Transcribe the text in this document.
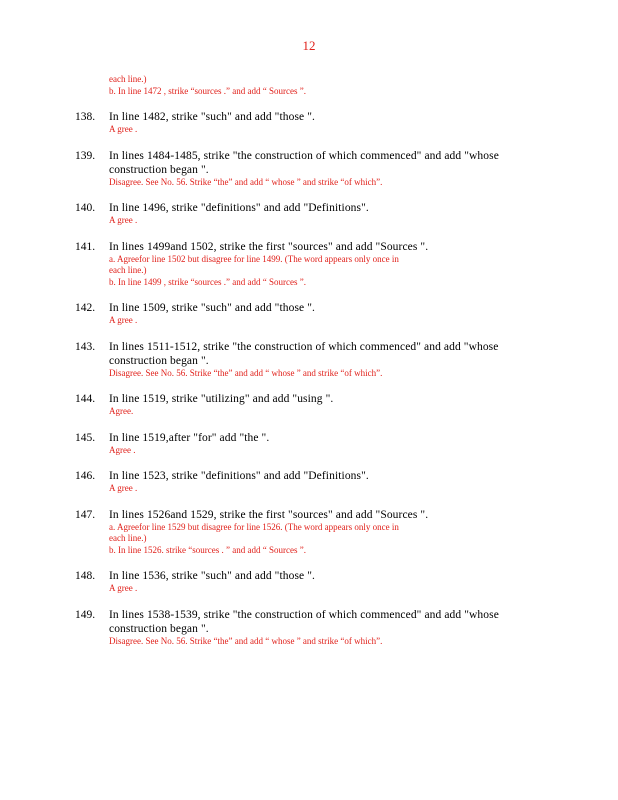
12
each line.)
b. In line 1472 , strike “sources .” and add “ Sources ”.
138. In line 1482, strike "such" and add "those ".
A gree .
139. In lines 1484-1485, strike "the construction of which commenced" and add "whose
construction began ".
Disagree. See No. 56. Strike “the” and add “ whose ” and strike “of which”.
140. In line 1496, strike "definitions" and add "Definitions".
A gree .
141. In lines 1499and 1502, strike the first "sources" and add "Sources ".
a. Agreefor line 1502 but disagree for line 1499. (The word appears only once in
each line.)
b. In line 1499 , strike “sources .” and add “ Sources ”.
142. In line 1509, strike "such" and add "those ".
A gree .
143. In lines 1511-1512, strike "the construction of which commenced" and add "whose
construction began ".
Disagree. See No. 56. Strike “the” and add “ whose ” and strike “of which”.
144. In line 1519, strike "utilizing" and add "using ".
Agree.
145. In line 1519,after "for" add "the ".
Agree .
146. In line 1523, strike "definitions" and add "Definitions".
A gree .
147. In lines 1526and 1529, strike the first "sources" and add "Sources ".
a. Agreefor line 1529 but disagree for line 1526. (The word appears only once in
each line.)
b. In line 1526. strike “sources . ” and add “ Sources ”.
148. In line 1536, strike "such" and add "those ".
A gree .
149. In lines 1538-1539, strike "the construction of which commenced" and add "whose
construction began ".
Disagree. See No. 56. Strike “the” and add “ whose ” and strike “of which”.
